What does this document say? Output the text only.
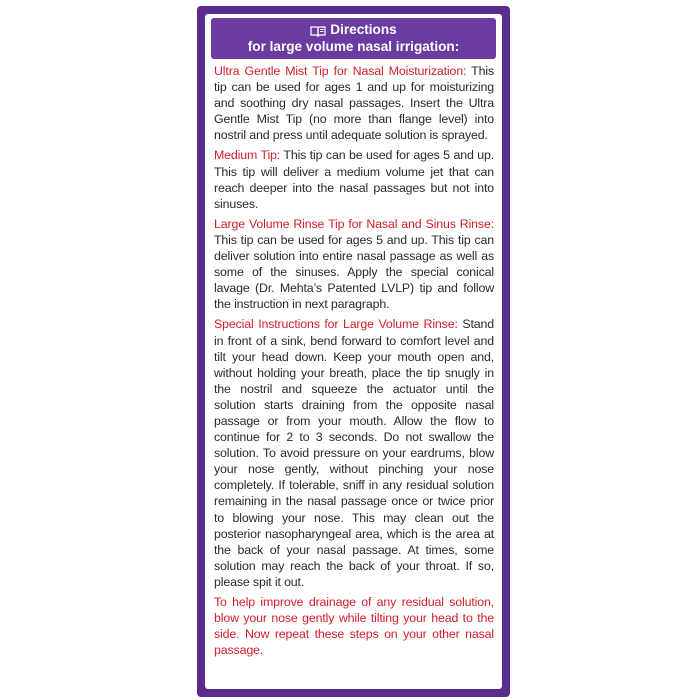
Directions
for large volume nasal irrigation:

Ultra Gentle Mist Tip for Nasal Moisturization: This tip can be used for ages 1 and up for moisturizing and soothing dry nasal passages. Insert the Ultra Gentle Mist Tip (no more than flange level) into nostril and press until adequate solution is sprayed.

Medium Tip: This tip can be used for ages 5 and up. This tip will deliver a medium volume jet that can reach deeper into the nasal passages but not into sinuses.

Large Volume Rinse Tip for Nasal and Sinus Rinse: This tip can be used for ages 5 and up. This tip can deliver solution into entire nasal passage as well as some of the sinuses. Apply the special conical lavage (Dr. Mehta’s Patented LVLP) tip and follow the instruction in next paragraph.

Special Instructions for Large Volume Rinse: Stand in front of a sink, bend forward to comfort level and tilt your head down. Keep your mouth open and, without holding your breath, place the tip snugly in the nostril and squeeze the actuator until the solution starts draining from the opposite nasal passage or from your mouth. Allow the flow to continue for 2 to 3 seconds. Do not swallow the solution. To avoid pressure on your eardrums, blow your nose gently, without pinching your nose completely. If tolerable, sniff in any residual solution remaining in the nasal passage once or twice prior to blowing your nose. This may clean out the posterior nasopharyngeal area, which is the area at the back of your nasal passage. At times, some solution may reach the back of your throat. If so, please spit it out.

To help improve drainage of any residual solution, blow your nose gently while tilting your head to the side. Now repeat these steps on your other nasal passage.
